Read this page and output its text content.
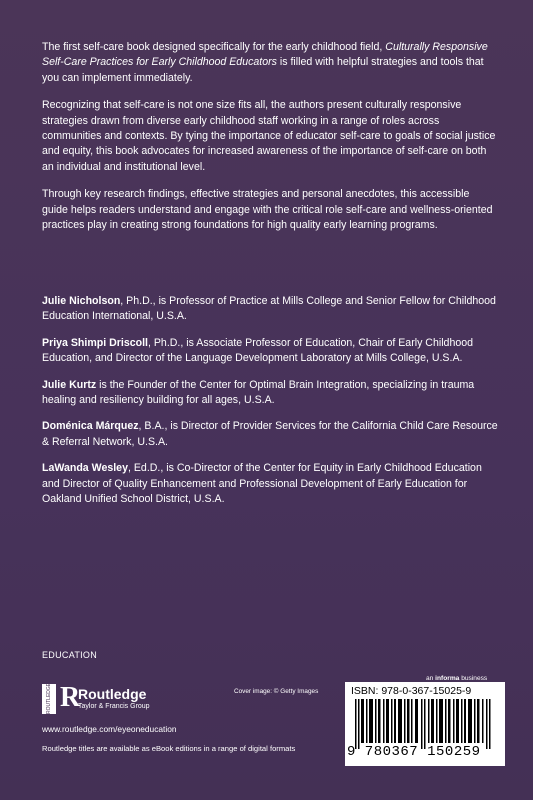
The first self-care book designed specifically for the early childhood field, Culturally Responsive Self-Care Practices for Early Childhood Educators is filled with helpful strategies and tools that you can implement immediately.

Recognizing that self-care is not one size fits all, the authors present culturally responsive strategies drawn from diverse early childhood staff working in a range of roles across communities and contexts. By tying the importance of educator self-care to goals of social justice and equity, this book advocates for increased awareness of the importance of self-care on both an individual and institutional level.

Through key research findings, effective strategies and personal anecdotes, this accessible guide helps readers understand and engage with the critical role self-care and wellness-oriented practices play in creating strong foundations for high quality early learning programs.

Julie Nicholson, Ph.D., is Professor of Practice at Mills College and Senior Fellow for Childhood Education International, U.S.A.

Priya Shimpi Driscoll, Ph.D., is Associate Professor of Education, Chair of Early Childhood Education, and Director of the Language Development Laboratory at Mills College, U.S.A.

Julie Kurtz is the Founder of the Center for Optimal Brain Integration, specializing in trauma healing and resiliency building for all ages, U.S.A.

Doménica Márquez, B.A., is Director of Provider Services for the California Child Care Resource & Referral Network, U.S.A.

LaWanda Wesley, Ed.D., is Co-Director of the Center for Equity in Early Childhood Education and Director of Quality Enhancement and Professional Development of Early Education for Oakland Unified School District, U.S.A.

EDUCATION
ROUTLEDGE R
Routledge
Taylor & Francis Group
www.routledge.com/eyeoneducation
Routledge titles are available as eBook editions in a range of digital formats
Cover image: © Getty Images
an informa business
ISBN: 978-0-367-15025-9
9 780367 150259
